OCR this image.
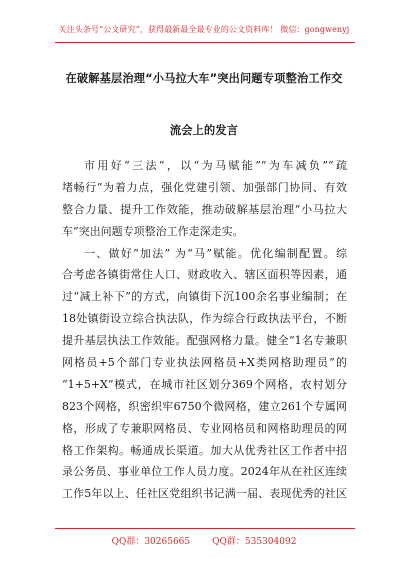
关注头条号“公文研究”，获得最新最全最专业的公文资料库！ 微信：gongwenyj
在破解基层治理“小马拉大车”突出问题专项整治工作交
流会上的发言
市用好“三法”，以“为马赋能”“为车减负”“疏
堵畅行”为着力点，强化党建引领、加强部门协同、有效
整合力量、提升工作效能，推动破解基层治理“小马拉大
车”突出问题专项整治工作走深走实。
一、做好“加法” 为“马”赋能。优化编制配置。综
合考虑各镇街常住人口、财政收入、辖区面积等因素，通
过“减上补下”的方式，向镇街下沉100余名事业编制；在
18处镇街设立综合执法队，作为综合行政执法平台，不断
提升基层执法工作效能。配强网格力量。健全“1名专兼职
网格员+5个部门专业执法网格员+X类网格助理员”的
“1+5+X”模式，在城市社区划分369个网格，农村划分
823个网格，织密织牢6750个微网格，建立261个专属网
格，形成了专兼职网格员、专业网格员和网格助理员的网
格工作架构。畅通成长渠道。加大从优秀社区工作者中招
录公务员、事业单位工作人员力度。2024年从在社区连续
工作5年以上、任社区党组织书记满一届、表现优秀的社区
QQ群：30265665 QQ群：535304092
